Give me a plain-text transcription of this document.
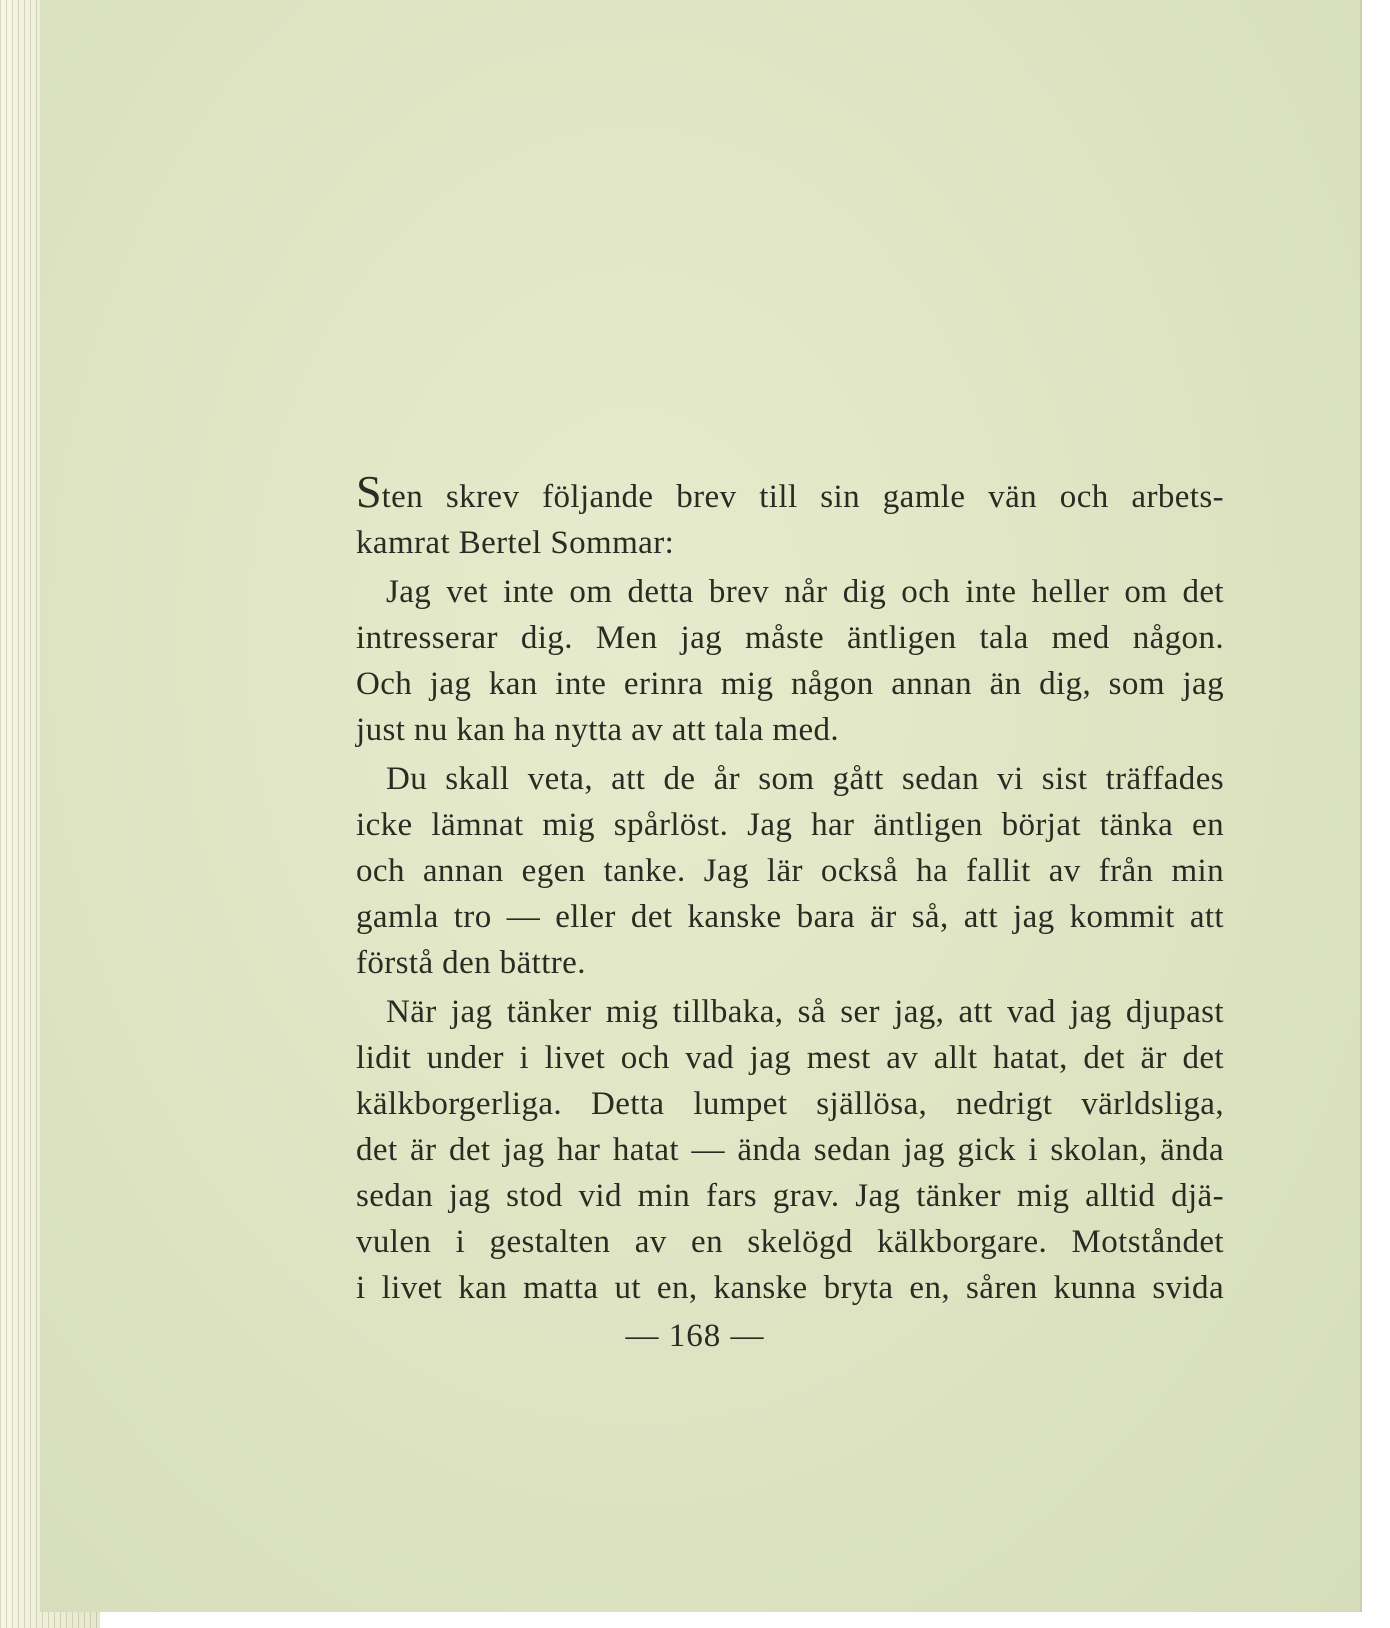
Sten skrev följande brev till sin gamle vän och arbets-
kamrat Bertel Sommar:
Jag vet inte om detta brev når dig och inte heller om det
intresserar dig. Men jag måste äntligen tala med någon.
Och jag kan inte erinra mig någon annan än dig, som jag
just nu kan ha nytta av att tala med.
Du skall veta, att de år som gått sedan vi sist träffades
icke lämnat mig spårlöst. Jag har äntligen börjat tänka en
och annan egen tanke. Jag lär också ha fallit av från min
gamla tro — eller det kanske bara är så, att jag kommit att
förstå den bättre.
När jag tänker mig tillbaka, så ser jag, att vad jag djupast
lidit under i livet och vad jag mest av allt hatat, det är det
kälkborgerliga. Detta lumpet själlösa, nedrigt världsliga,
det är det jag har hatat — ända sedan jag gick i skolan, ända
sedan jag stod vid min fars grav. Jag tänker mig alltid djä-
vulen i gestalten av en skelögd kälkborgare. Motståndet
i livet kan matta ut en, kanske bryta en, såren kunna svida
— 168 —
